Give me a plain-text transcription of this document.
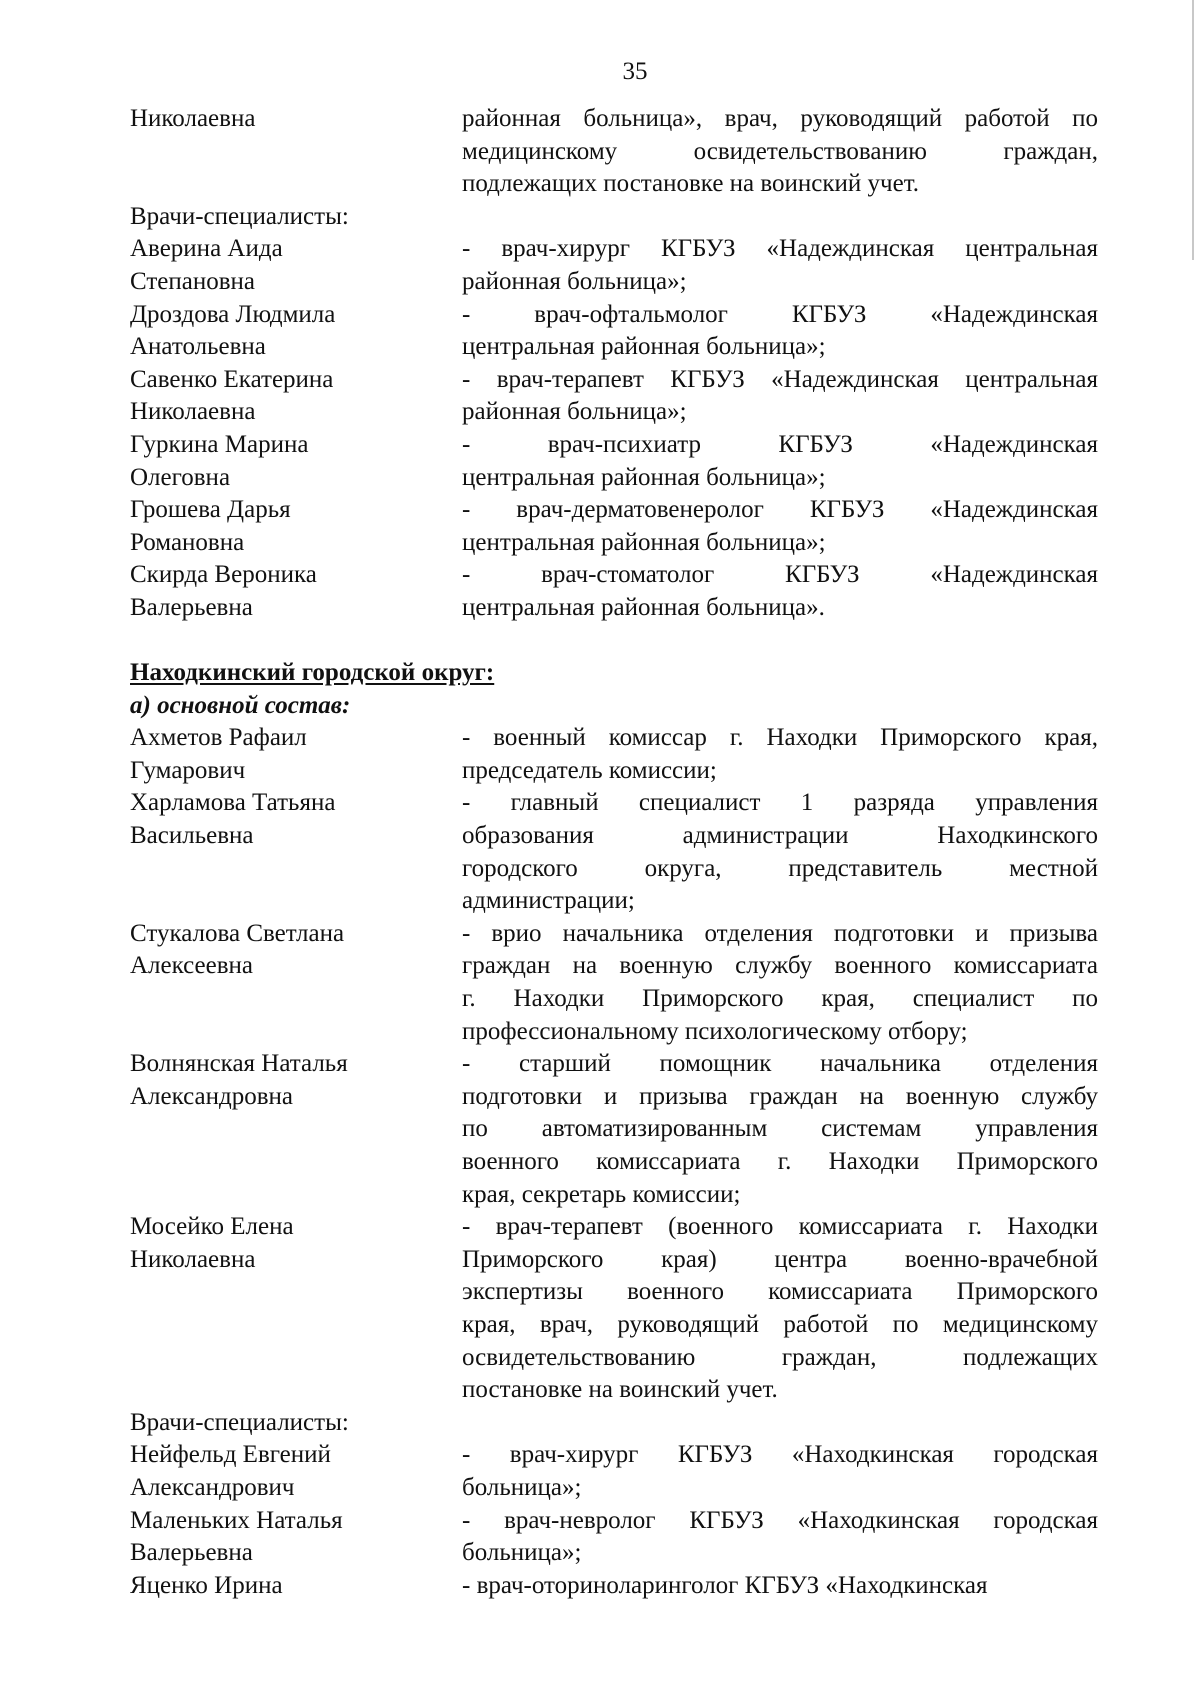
35
Николаевна	районная больница», врач, руководящий работой по
медицинскому освидетельствованию граждан,
подлежащих постановке на воинский учет.
Врачи-специалисты:
Аверина Аида
Степановна
- врач-хирург КГБУЗ «Надеждинская центральная
районная больница»;
Дроздова Людмила
Анатольевна
- врач-офтальмолог КГБУЗ «Надеждинская
центральная районная больница»;
Савенко Екатерина
Николаевна
- врач-терапевт КГБУЗ «Надеждинская центральная
районная больница»;
Гуркина Марина
Олеговна
- врач-психиатр КГБУЗ «Надеждинская
центральная районная больница»;
Грошева Дарья
Романовна
- врач-дерматовенеролог КГБУЗ «Надеждинская
центральная районная больница»;
Скирда Вероника
Валерьевна
- врач-стоматолог КГБУЗ «Надеждинская
центральная районная больница».
Находкинский городской округ:
а) основной состав:
Ахметов Рафаил
Гумарович
- военный комиссар г. Находки Приморского края,
председатель комиссии;
Харламова Татьяна
Васильевна
- главный специалист 1 разряда управления
образования администрации Находкинского
городского округа, представитель местной
администрации;
Стукалова Светлана
Алексеевна
- врио начальника отделения подготовки и призыва
граждан на военную службу военного комиссариата
г. Находки Приморского края, специалист по
профессиональному психологическому отбору;
Волнянская Наталья
Александровна
- старший помощник начальника отделения
подготовки и призыва граждан на военную службу
по автоматизированным системам управления
военного комиссариата г. Находки Приморского
края, секретарь комиссии;
Мосейко Елена
Николаевна
- врач-терапевт (военного комиссариата г. Находки
Приморского края) центра военно-врачебной
экспертизы военного комиссариата Приморского
края, врач, руководящий работой по медицинскому
освидетельствованию граждан, подлежащих
постановке на воинский учет.
Врачи-специалисты:
Нейфельд Евгений
Александрович
- врач-хирург КГБУЗ «Находкинская городская
больница»;
Маленьких Наталья
Валерьевна
- врач-невролог КГБУЗ «Находкинская городская
больница»;
Яценко Ирина	- врач-оториноларинголог КГБУЗ «Находкинская
